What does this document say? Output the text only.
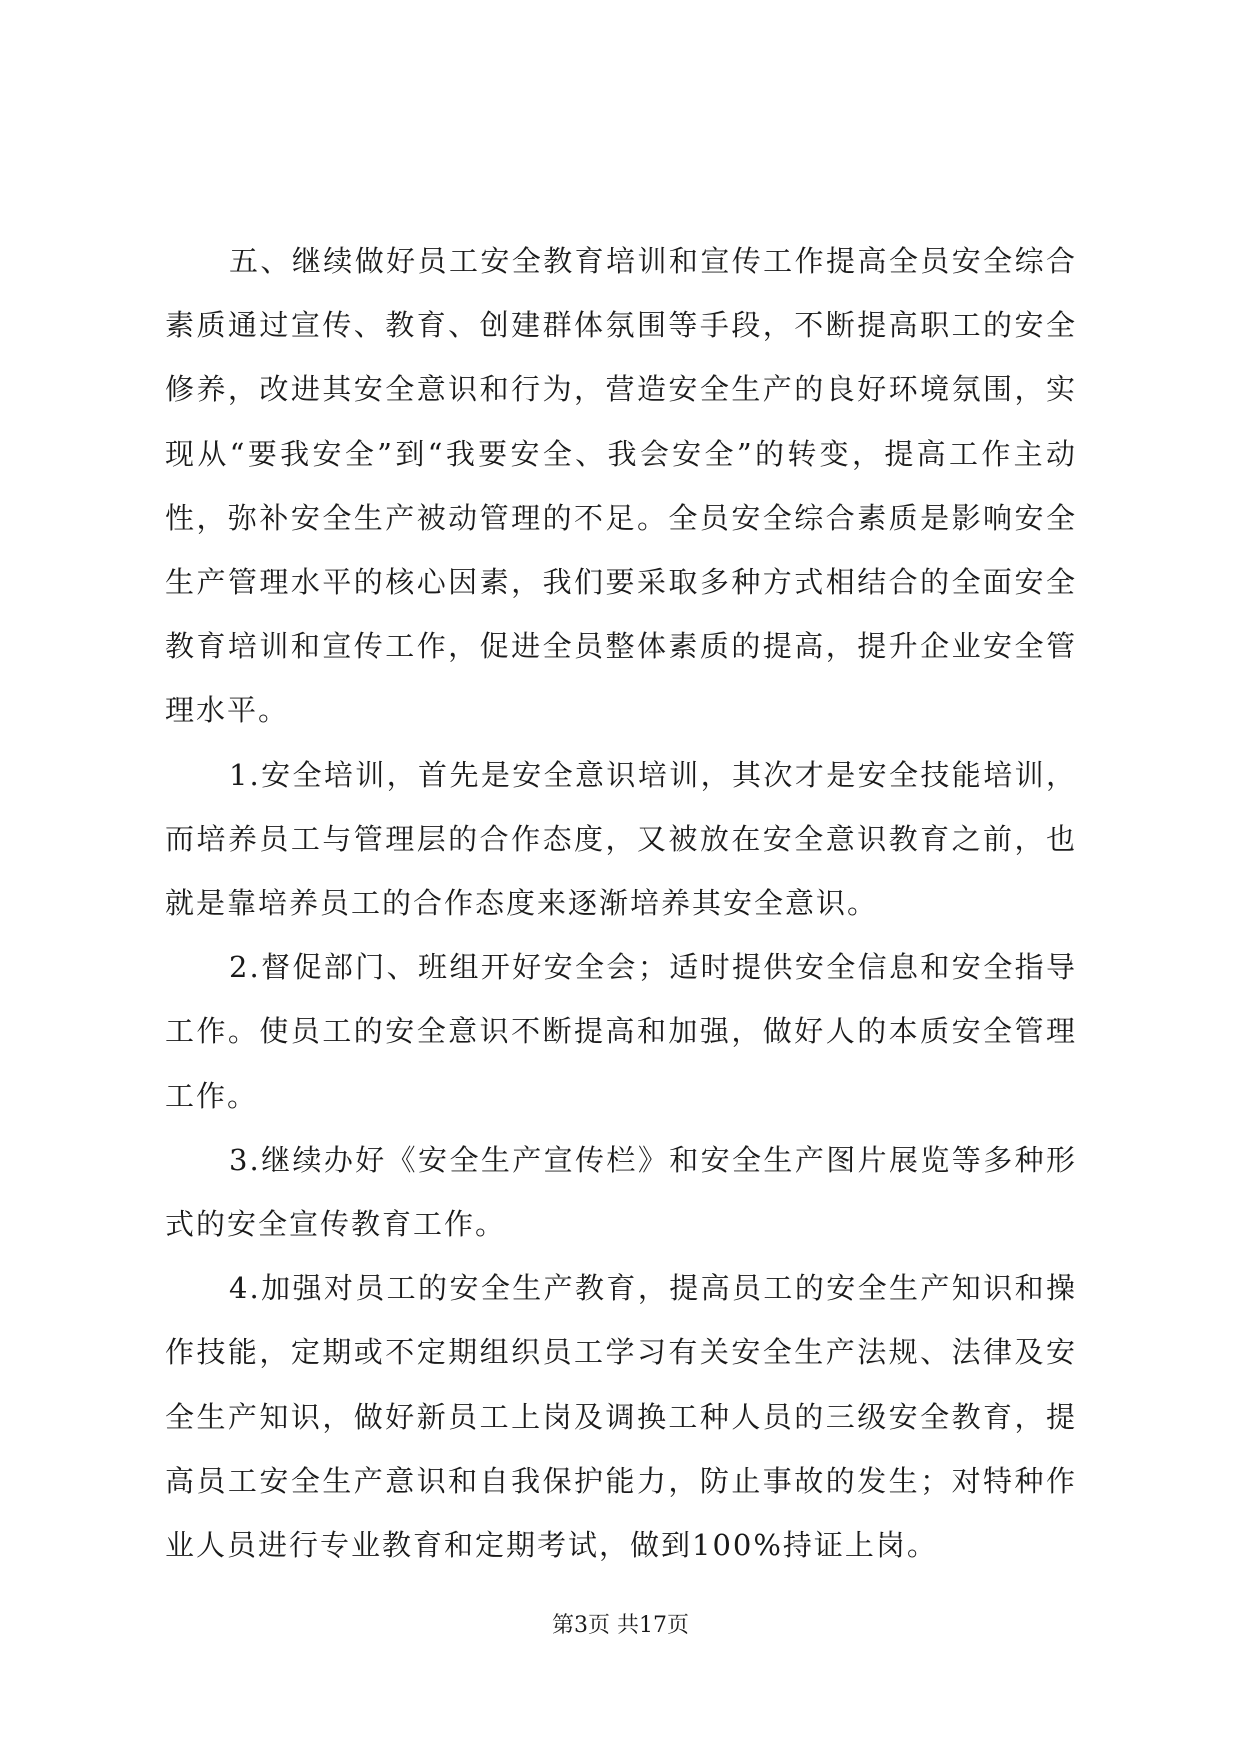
五、继续做好员工安全教育培训和宣传工作提高全员安全综合素质通过宣传、教育、创建群体氛围等手段，不断提高职工的安全修养，改进其安全意识和行为，营造安全生产的良好环境氛围，实现从“要我安全”到“我要安全、我会安全”的转变，提高工作主动性，弥补安全生产被动管理的不足。全员安全综合素质是影响安全生产管理水平的核心因素，我们要采取多种方式相结合的全面安全教育培训和宣传工作，促进全员整体素质的提高，提升企业安全管理水平。

1.安全培训，首先是安全意识培训，其次才是安全技能培训，而培养员工与管理层的合作态度，又被放在安全意识教育之前，也就是靠培养员工的合作态度来逐渐培养其安全意识。

2.督促部门、班组开好安全会；适时提供安全信息和安全指导工作。使员工的安全意识不断提高和加强，做好人的本质安全管理工作。

3.继续办好《安全生产宣传栏》和安全生产图片展览等多种形式的安全宣传教育工作。

4.加强对员工的安全生产教育，提高员工的安全生产知识和操作技能，定期或不定期组织员工学习有关安全生产法规、法律及安全生产知识，做好新员工上岗及调换工种人员的三级安全教育，提高员工安全生产意识和自我保护能力，防止事故的发生；对特种作业人员进行专业教育和定期考试，做到100%持证上岗。

第3页 共17页
